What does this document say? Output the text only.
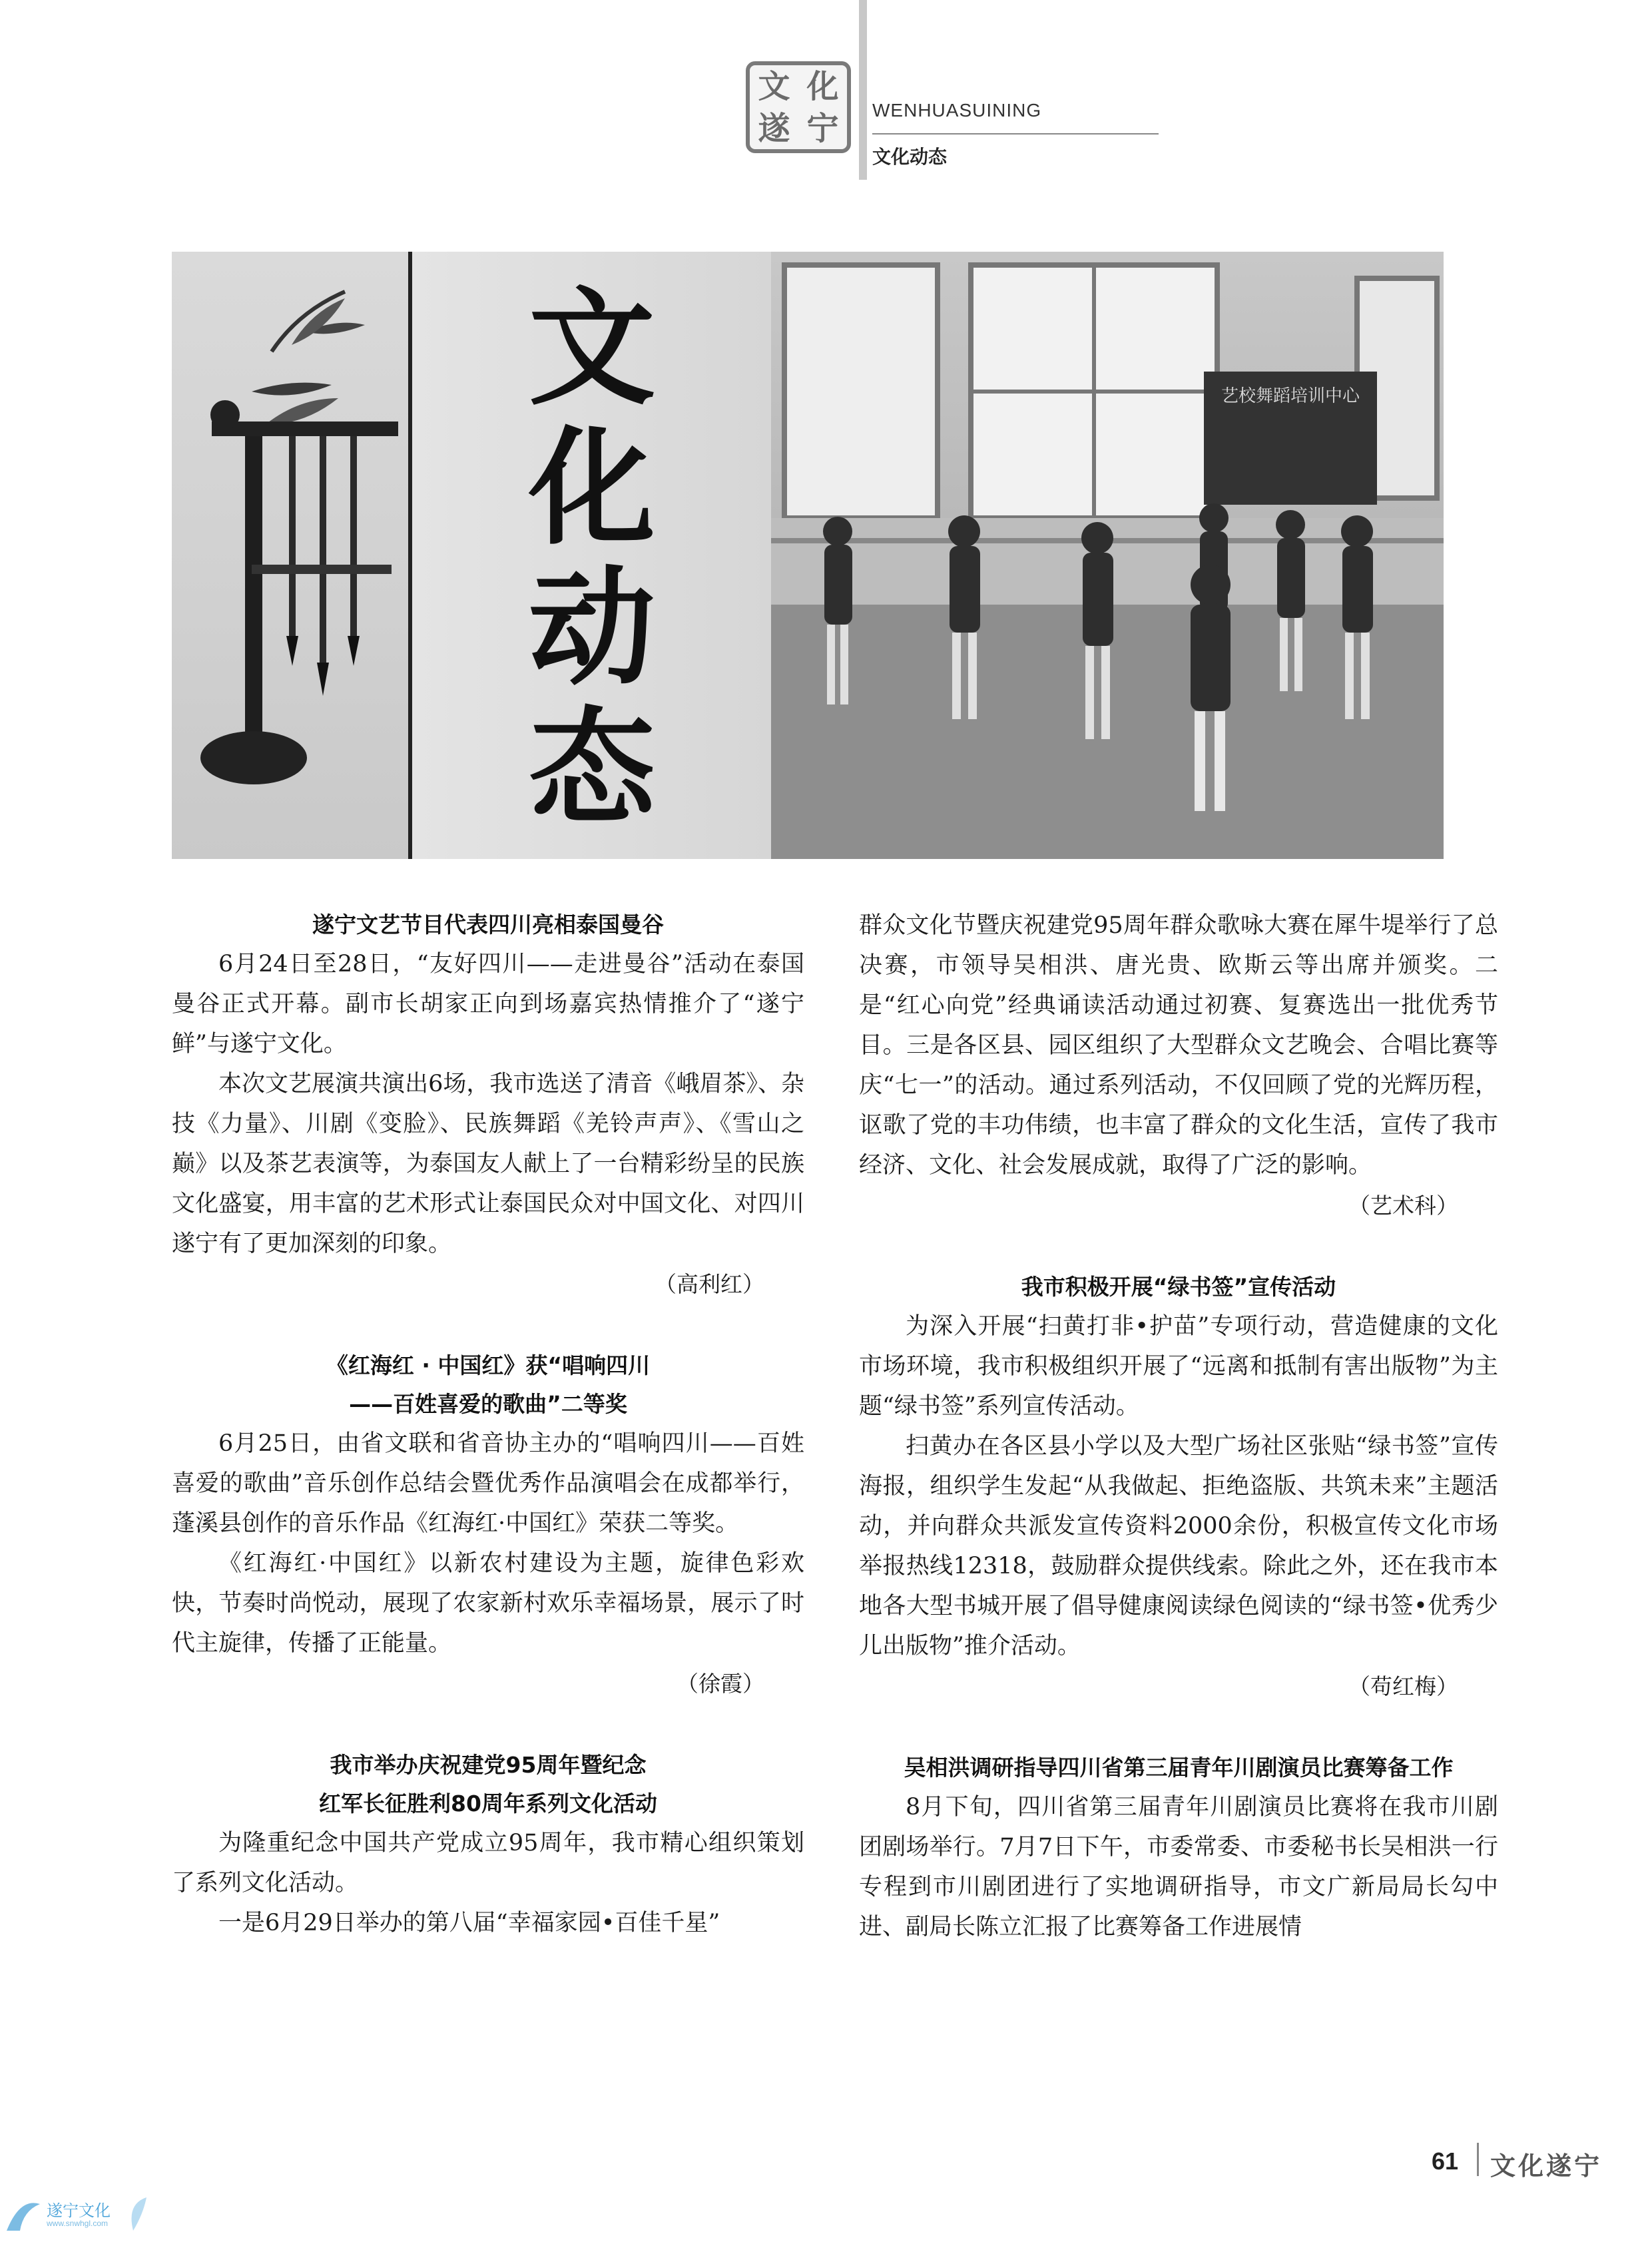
文 化
遂 宁 WENHUASUINING
文化动态
文
化
动
态
艺校舞蹈培训中心

遂宁文艺节目代表四川亮相泰国曼谷

6月24日至28日，“友好四川——走进曼谷”活动在泰国曼谷正式开幕。副市长胡家正向到场嘉宾热情推介了“遂宁鲜”与遂宁文化。

本次文艺展演共演出6场，我市选送了清音《峨眉茶》、杂技《力量》、川剧《变脸》、民族舞蹈《羌铃声声》、《雪山之巅》以及茶艺表演等，为泰国友人献上了一台精彩纷呈的民族文化盛宴，用丰富的艺术形式让泰国民众对中国文化、对四川遂宁有了更加深刻的印象。

（高利红）

《红海红 · 中国红》获“唱响四川

——百姓喜爱的歌曲”二等奖

6月25日，由省文联和省音协主办的“唱响四川——百姓喜爱的歌曲”音乐创作总结会暨优秀作品演唱会在成都举行，蓬溪县创作的音乐作品《红海红·中国红》荣获二等奖。

《红海红·中国红》以新农村建设为主题，旋律色彩欢快，节奏时尚悦动，展现了农家新村欢乐幸福场景，展示了时代主旋律，传播了正能量。

（徐霞）

我市举办庆祝建党95周年暨纪念

红军长征胜利80周年系列文化活动

为隆重纪念中国共产党成立95周年，我市精心组织策划了系列文化活动。

一是6月29日举办的第八届“幸福家园•百佳千星”

群众文化节暨庆祝建党95周年群众歌咏大赛在犀牛堤举行了总决赛，市领导吴相洪、唐光贵、欧斯云等出席并颁奖。二是“红心向党”经典诵读活动通过初赛、复赛选出一批优秀节目。三是各区县、园区组织了大型群众文艺晚会、合唱比赛等庆“七一”的活动。通过系列活动，不仅回顾了党的光辉历程，讴歌了党的丰功伟绩，也丰富了群众的文化生活，宣传了我市经济、文化、社会发展成就，取得了广泛的影响。

（艺术科）

我市积极开展“绿书签”宣传活动

为深入开展“扫黄打非•护苗”专项行动，营造健康的文化市场环境，我市积极组织开展了“远离和抵制有害出版物”为主题“绿书签”系列宣传活动。

扫黄办在各区县小学以及大型广场社区张贴“绿书签”宣传海报，组织学生发起“从我做起、拒绝盗版、共筑未来”主题活动，并向群众共派发宣传资料2000余份，积极宣传文化市场举报热线12318，鼓励群众提供线索。除此之外，还在我市本地各大型书城开展了倡导健康阅读绿色阅读的“绿书签•优秀少儿出版物”推介活动。

（苟红梅）

吴相洪调研指导四川省第三届青年川剧演员比赛筹备工作

8月下旬，四川省第三届青年川剧演员比赛将在我市川剧团剧场举行。7月7日下午，市委常委、市委秘书长吴相洪一行专程到市川剧团进行了实地调研指导，市文广新局局长勾中进、副局长陈立汇报了比赛筹备工作进展情

61 文化遂宁
遂宁文化
www.snwhgl.com
